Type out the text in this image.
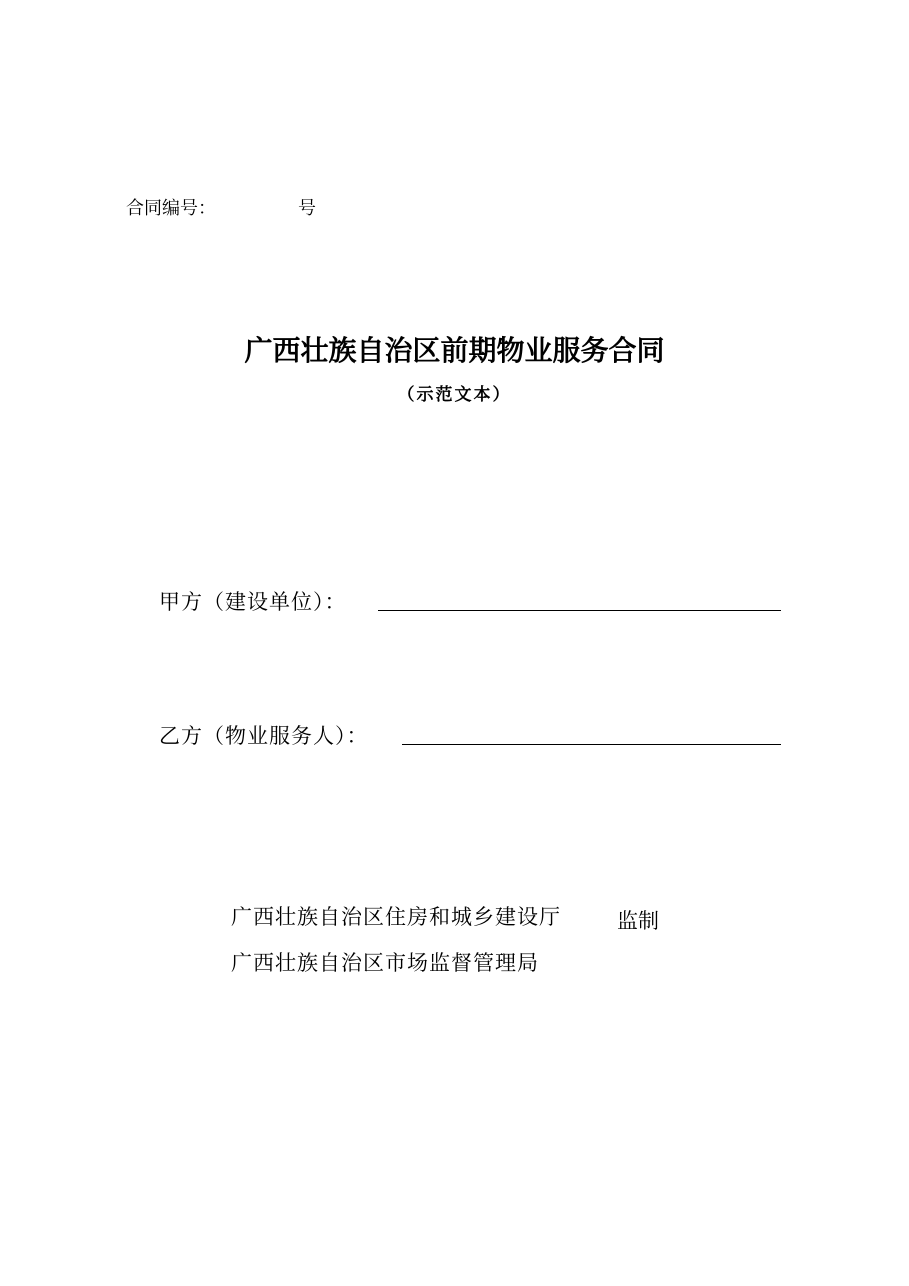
合同编号：	号
广西壮族自治区前期物业服务合同
（示范文本）
甲方（建设单位）：
乙方（物业服务人）：
广西壮族自治区住房和城乡建设厅
广西壮族自治区市场监督管理局
监制
